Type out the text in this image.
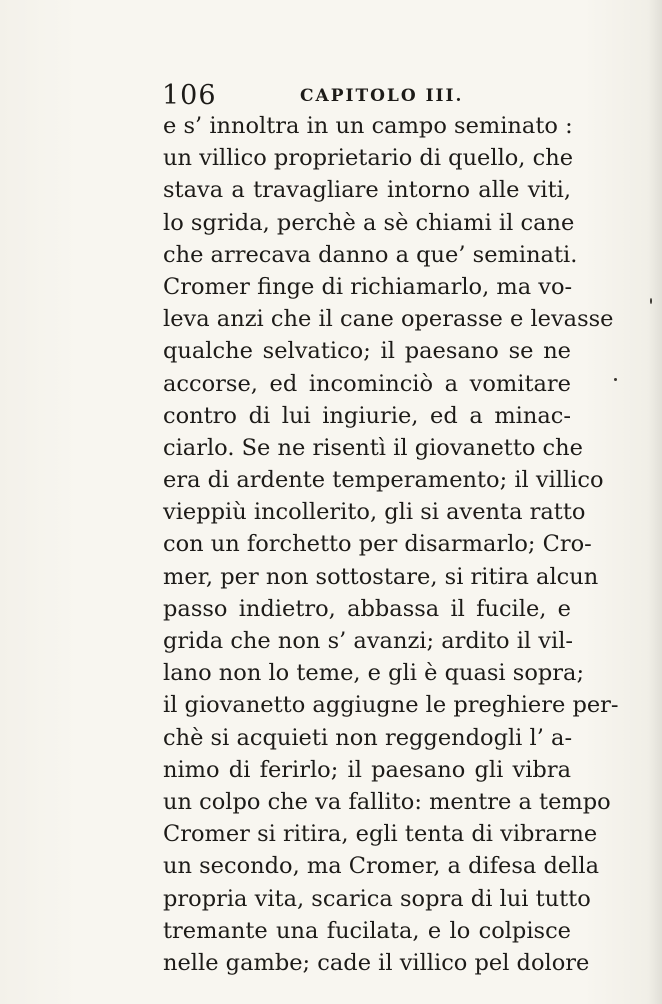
106	CAPITOLO III.
e s’ innoltra in un campo seminato :
un villico proprietario di quello, che
stava a travagliare intorno alle viti,
lo sgrida, perchè a sè chiami il cane
che arrecava danno a que’ seminati.
Cromer finge di richiamarlo, ma vo-
leva anzi che il cane operasse e levasse
qualche selvatico; il paesano se ne
accorse, ed incominciò a vomitare
contro di lui ingiurie, ed a minac-
ciarlo. Se ne risentì il giovanetto che
era di ardente temperamento; il villico
vieppiù incollerito, gli si aventa ratto
con un forchetto per disarmarlo; Cro-
mer, per non sottostare, si ritira alcun
passo indietro, abbassa il fucile, e
grida che non s’ avanzi; ardito il vil-
lano non lo teme, e gli è quasi sopra;
il giovanetto aggiugne le preghiere per-
chè si acquieti non reggendogli l’ a-
nimo di ferirlo; il paesano gli vibra
un colpo che va fallito: mentre a tempo
Cromer si ritira, egli tenta di vibrarne
un secondo, ma Cromer, a difesa della
propria vita, scarica sopra di lui tutto
tremante una fucilata, e lo colpisce
nelle gambe; cade il villico pel dolore
